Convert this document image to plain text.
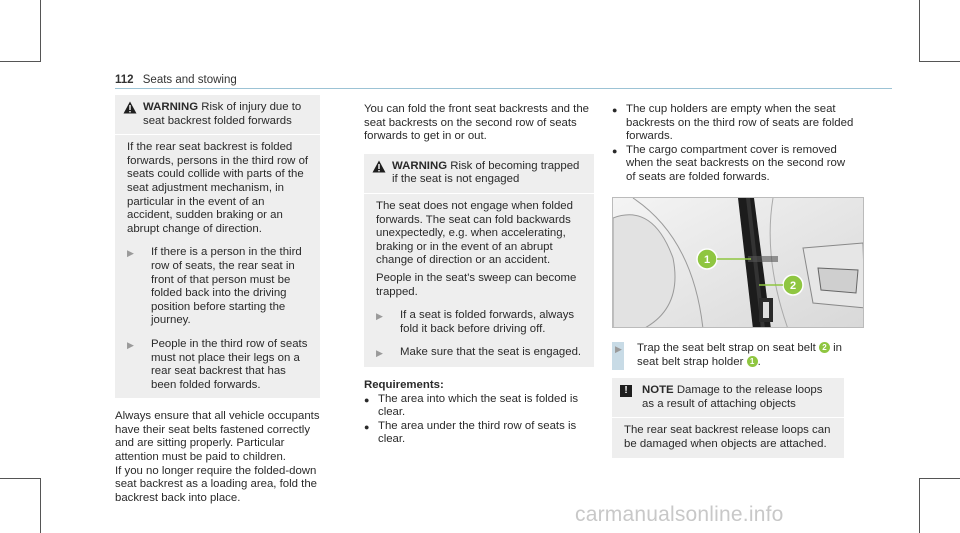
112 Seats and stowing

WARNING Risk of injury due to seat backrest folded forwards

If the rear seat backrest is folded forwards, persons in the third row of seats could collide with parts of the seat adjustment mechanism, in particular in the event of an accident, sudden braking or an abrupt change of direction.

▶	If there is a person in the third row of seats, the rear seat in front of that person must be folded back into the driving position before starting the journey.

▶	People in the third row of seats must not place their legs on a rear seat backrest that has been folded forwards.

Always ensure that all vehicle occupants have their seat belts fastened correctly and are sitting properly. Particular attention must be paid to children.

If you no longer require the folded-down seat backrest as a loading area, fold the backrest back into place.

You can fold the front seat backrests and the seat backrests on the second row of seats forwards to get in or out.

WARNING Risk of becoming trapped if the seat is not engaged

The seat does not engage when folded forwards. The seat can fold backwards unexpectedly, e.g. when accelerating, braking or in the event of an abrupt change of direction or an accident.

People in the seat's sweep can become trapped.

▶	If a seat is folded forwards, always fold it back before driving off.

▶	Make sure that the seat is engaged.

Requirements:

● The area into which the seat is folded is clear.

● The area under the third row of seats is clear.

● The cup holders are empty when the seat backrests on the third row of seats are folded forwards.

● The cargo compartment cover is removed when the seat backrests on the second row of seats are folded forwards.

1
2
▶	Trap the seat belt strap on seat belt 2 in seat belt strap holder 1 .

!	NOTE Damage to the release loops as a result of attaching objects

The rear seat backrest release loops can be damaged when objects are attached.

carmanualsonline.info
